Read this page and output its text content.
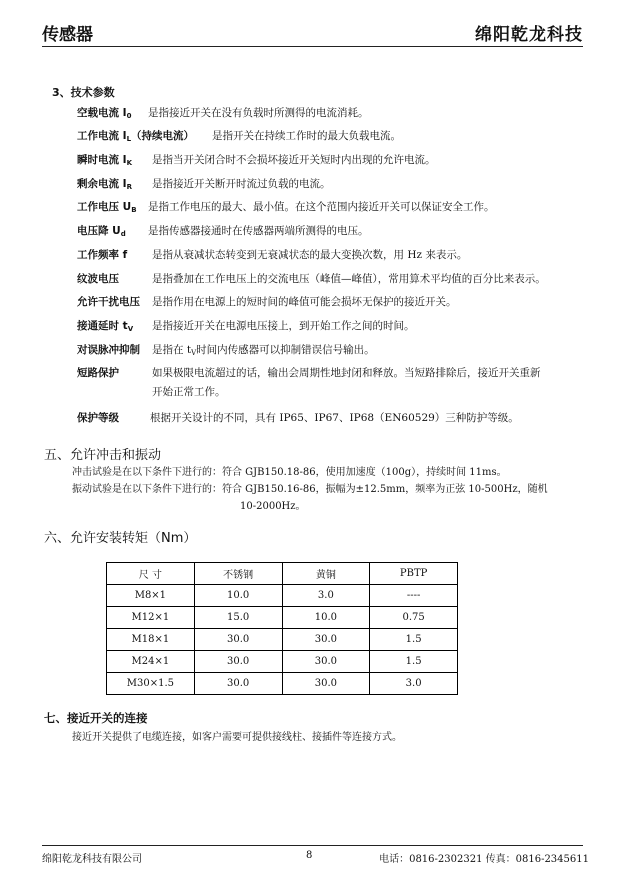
传感器	绵阳乾龙科技
3、技术参数
空载电流 $I_0$ 是指接近开关在没有负载时所测得的电流消耗。
工作电流 $I_L$（持续电流） 是指开关在持续工作时的最大负载电流。
瞬时电流 $I_K$ 是指当开关闭合时不会损坏接近开关短时内出现的允许电流。
剩余电流 $I_R$ 是指接近开关断开时流过负载的电流。
工作电压 $U_B$ 是指工作电压的最大、最小值。在这个范围内接近开关可以保证安全工作。
电压降 $U_d$ 是指传感器接通时在传感器两端所测得的电压。
工作频率 f 是指从衰减状态转变到无衰减状态的最大变换次数，用 Hz 来表示。
纹波电压	是指叠加在工作电压上的交流电压（峰值—峰值），常用算术平均值的百分比来表示。
允许干扰电压 是指作用在电源上的短时间的峰值可能会损坏无保护的接近开关。
接通延时 $t_V$ 是指接近开关在电源电压接上，到开始工作之间的时间。
对误脉冲抑制 是指在 $t_V$时间内传感器可以抑制错误信号输出。
短路保护	如果极限电流超过的话，输出会周期性地封闭和释放。当短路排除后，接近开关重新
开始正常工作。
保护等级	根据开关设计的不同，具有 IP65、IP67、IP68（EN60529）三种防护等级。
五、允许冲击和振动
冲击试验是在以下条件下进行的：符合 GJB150.18-86，使用加速度（100g），持续时间 11ms。
振动试验是在以下条件下进行的：符合 GJB150.16-86，振幅为±12.5mm，频率为正弦 10-500Hz，随机
10-2000Hz。
六、允许安装转矩（Nm）
尺 寸	不锈钢	黄铜	PBTP
M8×1	10.0	3.0	----
M12×1	15.0	10.0	0.75
M18×1	30.0	30.0	1.5
M24×1	30.0	30.0	1.5
M30×1.5	30.0	30.0	3.0
七、接近开关的连接
接近开关提供了电缆连接，如客户需要可提供接线柱、接插件等连接方式。
绵阳乾龙科技有限公司	8	电话：0816-2302321 传真：0816-2345611
